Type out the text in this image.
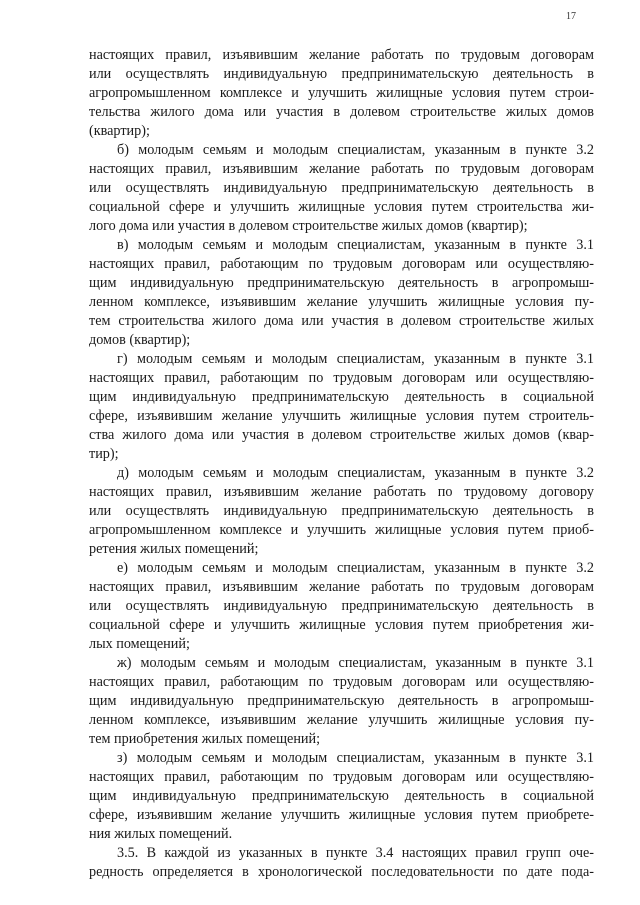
17
настоящих правил, изъявившим желание работать по трудовым договорам
или осуществлять индивидуальную предпринимательскую деятельность в
агропромышленном комплексе и улучшить жилищные условия путем строи-
тельства жилого дома или участия в долевом строительстве жилых домов
(квартир);
б) молодым семьям и молодым специалистам, указанным в пункте 3.2
настоящих правил, изъявившим желание работать по трудовым договорам
или осуществлять индивидуальную предпринимательскую деятельность в
социальной сфере и улучшить жилищные условия путем строительства жи-
лого дома или участия в долевом строительстве жилых домов (квартир);
в) молодым семьям и молодым специалистам, указанным в пункте 3.1
настоящих правил, работающим по трудовым договорам или осуществляю-
щим индивидуальную предпринимательскую деятельность в агропромыш-
ленном комплексе, изъявившим желание улучшить жилищные условия пу-
тем строительства жилого дома или участия в долевом строительстве жилых
домов (квартир);
г) молодым семьям и молодым специалистам, указанным в пункте 3.1
настоящих правил, работающим по трудовым договорам или осуществляю-
щим индивидуальную предпринимательскую деятельность в социальной
сфере, изъявившим желание улучшить жилищные условия путем строитель-
ства жилого дома или участия в долевом строительстве жилых домов (квар-
тир);
д) молодым семьям и молодым специалистам, указанным в пункте 3.2
настоящих правил, изъявившим желание работать по трудовому договору
или осуществлять индивидуальную предпринимательскую деятельность в
агропромышленном комплексе и улучшить жилищные условия путем приоб-
ретения жилых помещений;
е) молодым семьям и молодым специалистам, указанным в пункте 3.2
настоящих правил, изъявившим желание работать по трудовым договорам
или осуществлять индивидуальную предпринимательскую деятельность в
социальной сфере и улучшить жилищные условия путем приобретения жи-
лых помещений;
ж) молодым семьям и молодым специалистам, указанным в пункте 3.1
настоящих правил, работающим по трудовым договорам или осуществляю-
щим индивидуальную предпринимательскую деятельность в агропромыш-
ленном комплексе, изъявившим желание улучшить жилищные условия пу-
тем приобретения жилых помещений;
з) молодым семьям и молодым специалистам, указанным в пункте 3.1
настоящих правил, работающим по трудовым договорам или осуществляю-
щим индивидуальную предпринимательскую деятельность в социальной
сфере, изъявившим желание улучшить жилищные условия путем приобрете-
ния жилых помещений.
3.5. В каждой из указанных в пункте 3.4 настоящих правил групп оче-
редность определяется в хронологической последовательности по дате пода-
